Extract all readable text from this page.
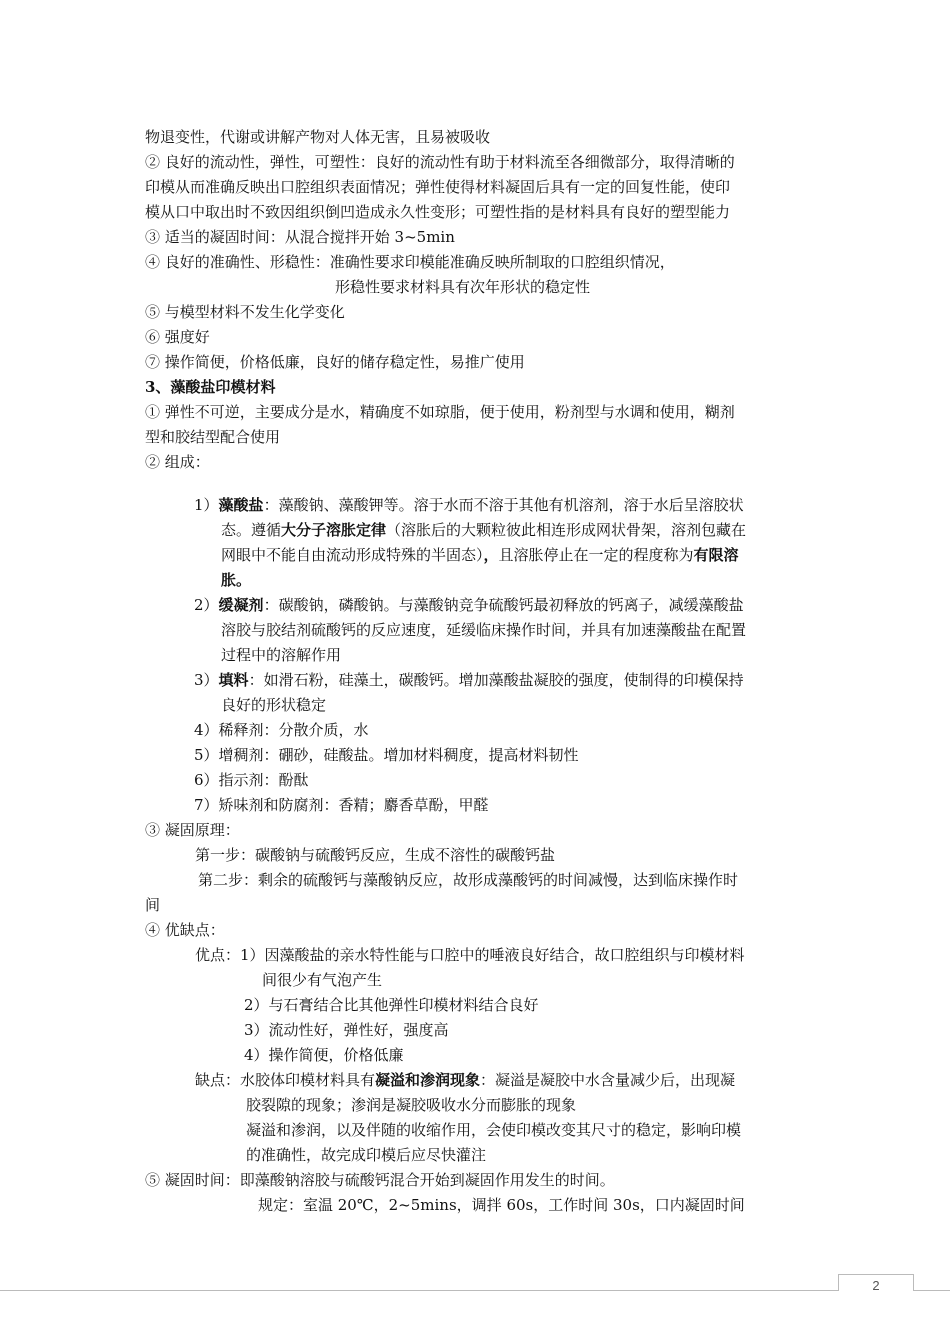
物退变性，代谢或讲解产物对人体无害，且易被吸收
② 良好的流动性，弹性，可塑性：良好的流动性有助于材料流至各细微部分，取得清晰的
印模从而准确反映出口腔组织表面情况；弹性使得材料凝固后具有一定的回复性能，使印
模从口中取出时不致因组织倒凹造成永久性变形；可塑性指的是材料具有良好的塑型能力
③ 适当的凝固时间：从混合搅拌开始 3~5min
④ 良好的准确性、形稳性：准确性要求印模能准确反映所制取的口腔组织情况，
形稳性要求材料具有次年形状的稳定性
⑤ 与模型材料不发生化学变化
⑥ 强度好
⑦ 操作简便，价格低廉，良好的储存稳定性，易推广使用
3、藻酸盐印模材料
① 弹性不可逆，主要成分是水，精确度不如琼脂，便于使用，粉剂型与水调和使用，糊剂
型和胶结型配合使用
② 组成：
1）藻酸盐：藻酸钠、藻酸钾等。溶于水而不溶于其他有机溶剂，溶于水后呈溶胶状
态。遵循大分子溶胀定律（溶胀后的大颗粒彼此相连形成网状骨架，溶剂包藏在
网眼中不能自由流动形成特殊的半固态），且溶胀停止在一定的程度称为有限溶
胀。
2）缓凝剂：碳酸钠，磷酸钠。与藻酸钠竞争硫酸钙最初释放的钙离子，减缓藻酸盐
溶胶与胶结剂硫酸钙的反应速度，延缓临床操作时间，并具有加速藻酸盐在配置
过程中的溶解作用
3）填料：如滑石粉，硅藻土，碳酸钙。增加藻酸盐凝胶的强度，使制得的印模保持
良好的形状稳定
4）稀释剂：分散介质，水
5）增稠剂：硼砂，硅酸盐。增加材料稠度，提高材料韧性
6）指示剂：酚酞
7）矫味剂和防腐剂：香精；麝香草酚，甲醛
③ 凝固原理：
第一步：碳酸钠与硫酸钙反应，生成不溶性的碳酸钙盐
第二步：剩余的硫酸钙与藻酸钠反应，故形成藻酸钙的时间减慢，达到临床操作时
间
④ 优缺点：
优点：1）因藻酸盐的亲水特性能与口腔中的唾液良好结合，故口腔组织与印模材料
间很少有气泡产生
2）与石膏结合比其他弹性印模材料结合良好
3）流动性好，弹性好，强度高
4）操作简便，价格低廉
缺点：水胶体印模材料具有凝溢和渗润现象：凝溢是凝胶中水含量减少后，出现凝
胶裂隙的现象；渗润是凝胶吸收水分而膨胀的现象
凝溢和渗润，以及伴随的收缩作用，会使印模改变其尺寸的稳定，影响印模
的准确性，故完成印模后应尽快灌注
⑤ 凝固时间：即藻酸钠溶胶与硫酸钙混合开始到凝固作用发生的时间。
规定：室温 20℃，2~5mins，调拌 60s，工作时间 30s，口内凝固时间
2
